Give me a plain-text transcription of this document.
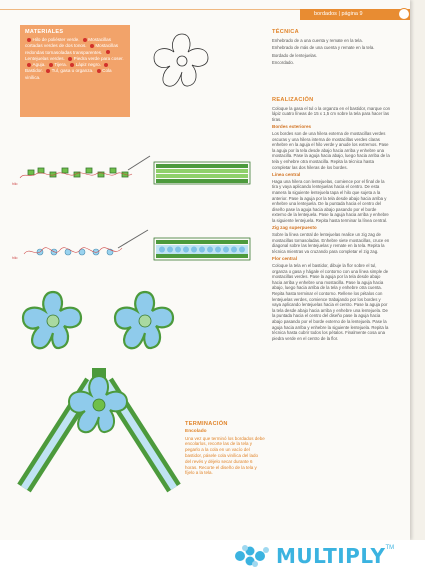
bordados | página 9
MATERIALES
Hilo de poliéster verde. Mostacillas cortadas verdes de dos tonos. Mostacillas redondas tornasoladas transparentes. Lentejuelas verdes. Piedra verde para coser. Aguja. Tijera. Lápiz negro. Bastidor. Tul, gasa u organza. Cola vinílica.
hilo
hilo
TÉCNICA

Enhebrado de a una cuenta y remate en la tela.

Enhebrado de más de una cuenta y remate en la tela.

Bordado de lentejuelas.

Encordado.

REALIZACIÓN

Coloque la gasa el tul o la organza en el bastidor, marque con lápiz cuatro líneas de 15 x 1,5 cm sobre la tela para hacer las tiras.

Bordes exteriores

Los bordes son de una hilera externa de mostacillas verdes oscuras y una hilera interna de mostacillas verdes claras enhebre en la aguja el hilo verde y anude los extremos. Pase la aguja por la tela desde abajo hacia arriba y enhebre una mostacilla. Pase la aguja hacia abajo, luego hacia arriba de la tela y enhebre otra mostacilla. Repita la técnica hasta completar las dos hileras de los bordes.

Línea central

Haga una hilera con lentejuelas, comience por el final de la tira y vaya aplicando lentejuelas hacia el centro. De esta manera la siguiente lentejuela tapa el hilo que sujeta a la anterior. Pase la aguja por la tela desde abajo hacia arriba y enhebre una lentejuela. De la puntada hacia el centro del diseño pase la aguja hacia abajo pasando por el borde externo de la lentejuela. Pase la aguja hacia arriba y enhebre la siguiente lentejuela. Repita hasta terminar la línea central.

Zig zag superpuesto

Sobre la línea central de lentejuelas realice un zig zag de mostacillas tornasoladas. Enhebre siete mostacillas, cruce en diagonal sobre las lentejuelas y remate en la tela. Repita la técnica mientras va cruzando para completar el zig zag.

Flor central

Coloque la tela en el bastidor, dibuje la flor sobre el tul, organza o gasa y hágale el contorno con una línea simple de mostacillas verdes. Pase la aguja por la tela desde abajo hacia arriba y enhebre una mostacilla. Pase la aguja hacia abajo, luego hacia arriba de la tela y enhebre otra cuenta. Repita hasta terminar el contorno. Rellene los pétalos con lentejuelas verdes, comience trabajando por los bordes y vaya aplicando lentejuelas hacia el centro. Pase la aguja por la tela desde abajo hacia arriba y enhebre una lentejuela. De la puntada hacia el centro del diseño pase la aguja hacia abajo pasando por el borde externo de la lentejuela. Pase la aguja hacia arriba y enhebre la siguiente lentejuela. Repita la técnica hasta cubrir todos los pétalos. Finalmente cosa una piedra verde en el centro de la flor.

TERMINACIÓN
Encolado

Una vez que terminó los bordados debe encolarlos, recorte las de la tela y pegarlo a la cola en un vacío del bastidor, pásele cola vinílica del lado del revés y déjelo secar durante 6 horas. Recorte el diseño de la tela y fíjelo a la tela.

MULTIPLY TM
